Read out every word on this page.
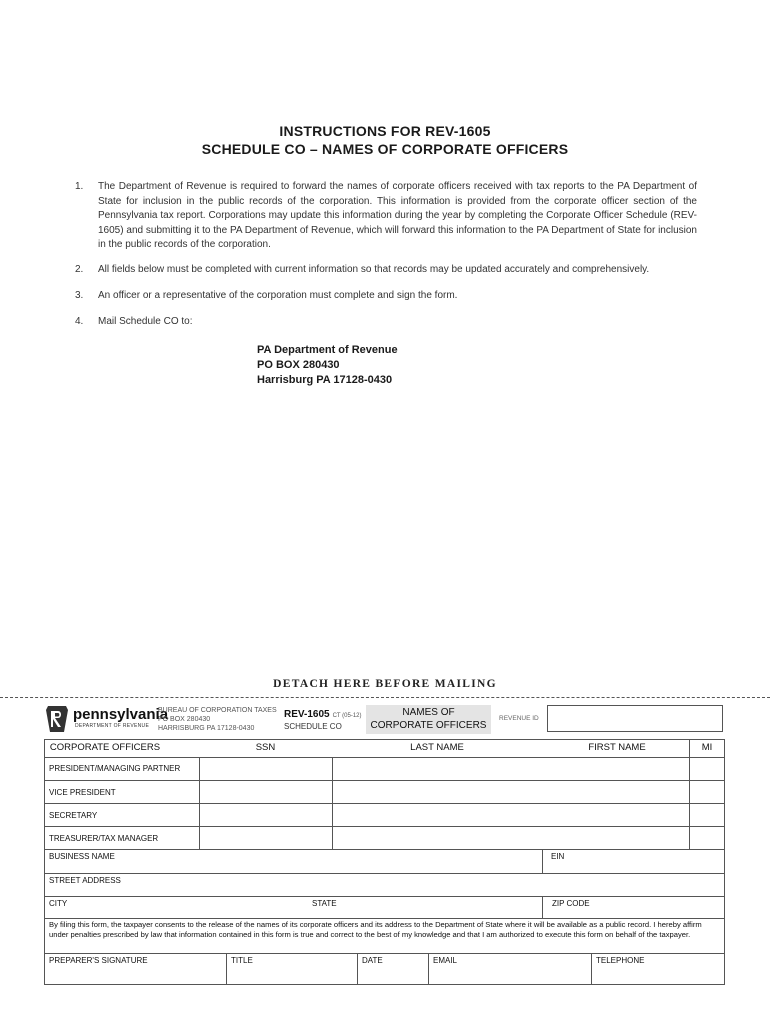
INSTRUCTIONS FOR REV-1605
SCHEDULE CO – NAMES OF CORPORATE OFFICERS
1. The Department of Revenue is required to forward the names of corporate officers received with tax reports to the PA Department of State for inclusion in the public records of the corporation. This information is provided from the corporate officer section of the Pennsylvania tax report. Corporations may update this information during the year by completing the Corporate Officer Schedule (REV-1605) and submitting it to the PA Department of Revenue, which will forward this information to the PA Department of State for inclusion in the public records of the corporation.
2. All fields below must be completed with current information so that records may be updated accurately and comprehensively.
3. An officer or a representative of the corporation must complete and sign the form.
4. Mail Schedule CO to:
PA Department of Revenue
PO BOX 280430
Harrisburg PA 17128-0430
DETACH HERE BEFORE MAILING
pennsylvania
DEPARTMENT OF REVENUE
BUREAU OF CORPORATION TAXES
PO BOX 280430
HARRISBURG PA 17128-0430
REV-1605 CT (05-12)
SCHEDULE CO
NAMES OF
CORPORATE OFFICERS
REVENUE ID
CORPORATE OFFICERS	SSN	LAST NAME	FIRST NAME	MI
PRESIDENT/MANAGING PARTNER
VICE PRESIDENT
SECRETARY
TREASURER/TAX MANAGER
BUSINESS NAME	EIN
STREET ADDRESS
CITY	STATE	ZIP CODE
By filing this form, the taxpayer consents to the release of the names of its corporate officers and its address to the Department of State where it will be available as a public record. I hereby affirm under penalties prescribed by law that information contained in this form is true and correct to the best of my knowledge and that I am authorized to execute this form on behalf of the taxpayer.
PREPARER'S SIGNATURE	TITLE	DATE	EMAIL	TELEPHONE
